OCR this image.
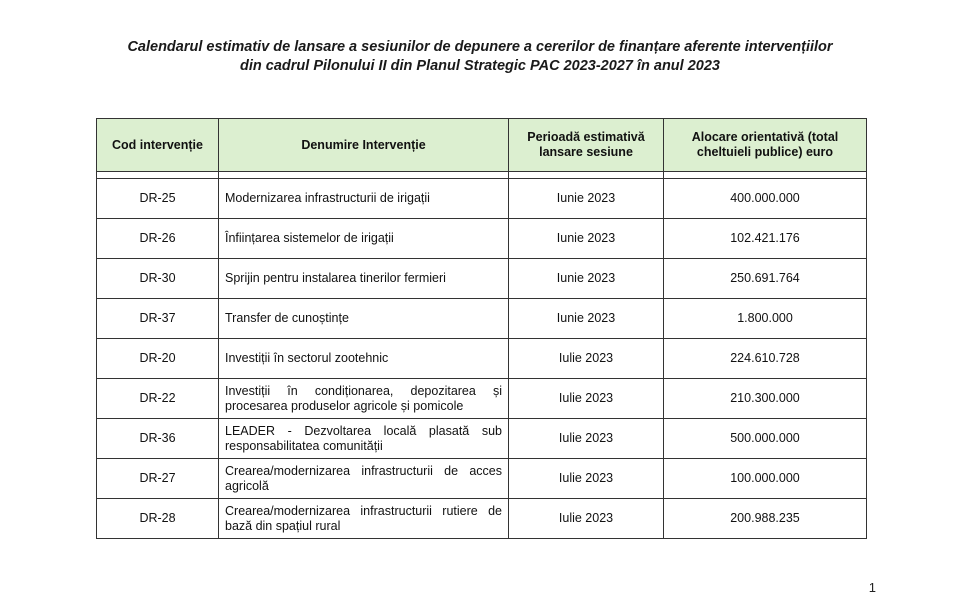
Calendarul estimativ de lansare a sesiunilor de depunere a cererilor de finanțare aferente intervențiilor
din cadrul Pilonului II din Planul Strategic PAC 2023-2027 în anul 2023
Cod intervenție	Denumire Intervenție	Perioadă estimativă lansare sesiune	Alocare orientativă (total cheltuieli publice) euro

DR-25	Modernizarea infrastructurii de irigații	Iunie 2023	400.000.000
DR-26	Înființarea sistemelor de irigații	Iunie 2023	102.421.176
DR-30	Sprijin pentru instalarea tinerilor fermieri	Iunie 2023	250.691.764
DR-37	Transfer de cunoștințe	Iunie 2023	1.800.000
DR-20	Investiții în sectorul zootehnic	Iulie 2023	224.610.728
DR-22	Investiții în condiționarea, depozitarea și procesarea produselor agricole și pomicole	Iulie 2023	210.300.000
DR-36	LEADER - Dezvoltarea locală plasată sub responsabilitatea comunității	Iulie 2023	500.000.000
DR-27	Crearea/modernizarea infrastructurii de acces agricolă	Iulie 2023	100.000.000
DR-28	Crearea/modernizarea infrastructurii rutiere de bază din spațiul rural	Iulie 2023	200.988.235
1
